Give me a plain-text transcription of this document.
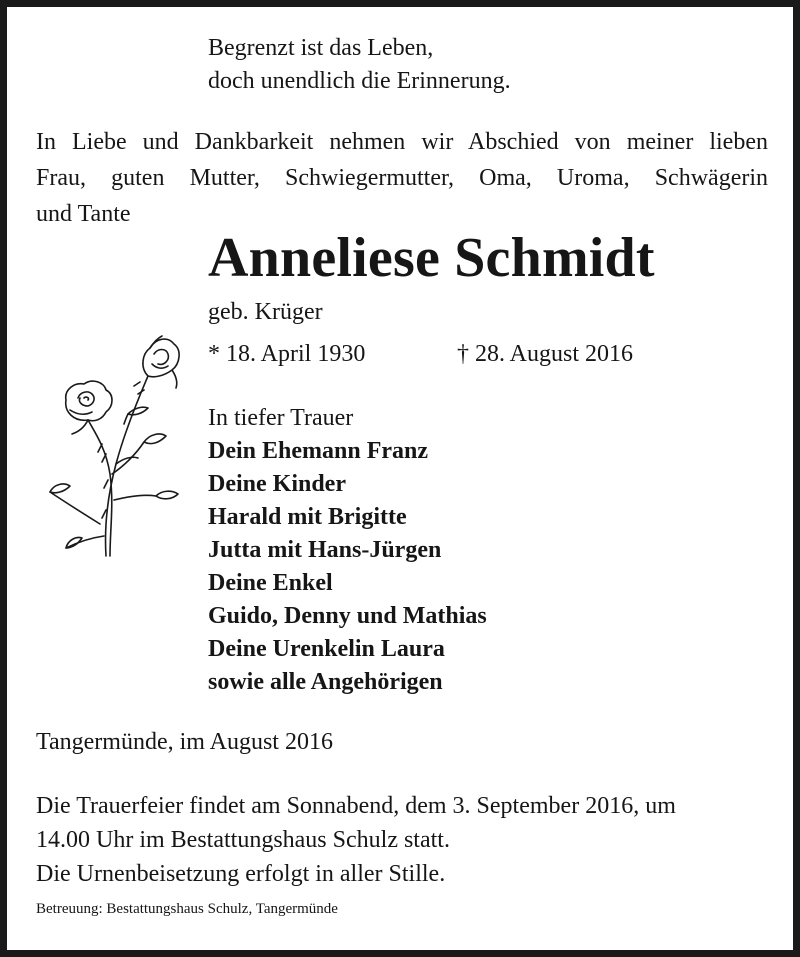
Begrenzt ist das Leben,
doch unendlich die Erinnerung.
In Liebe und Dankbarkeit nehmen wir Abschied von meiner lieben
Frau, guten Mutter, Schwiegermutter, Oma, Uroma, Schwägerin
und Tante
Anneliese Schmidt
geb. Krüger
* 18. April 1930	† 28. August 2016
In tiefer Trauer
Dein Ehemann Franz
Deine Kinder
Harald mit Brigitte
Jutta mit Hans-Jürgen
Deine Enkel
Guido, Denny und Mathias
Deine Urenkelin Laura
sowie alle Angehörigen
Tangermünde, im August 2016
Die Trauerfeier findet am Sonnabend, dem 3. September 2016, um
14.00 Uhr im Bestattungshaus Schulz statt.
Die Urnenbeisetzung erfolgt in aller Stille.
Betreuung: Bestattungshaus Schulz, Tangermünde
